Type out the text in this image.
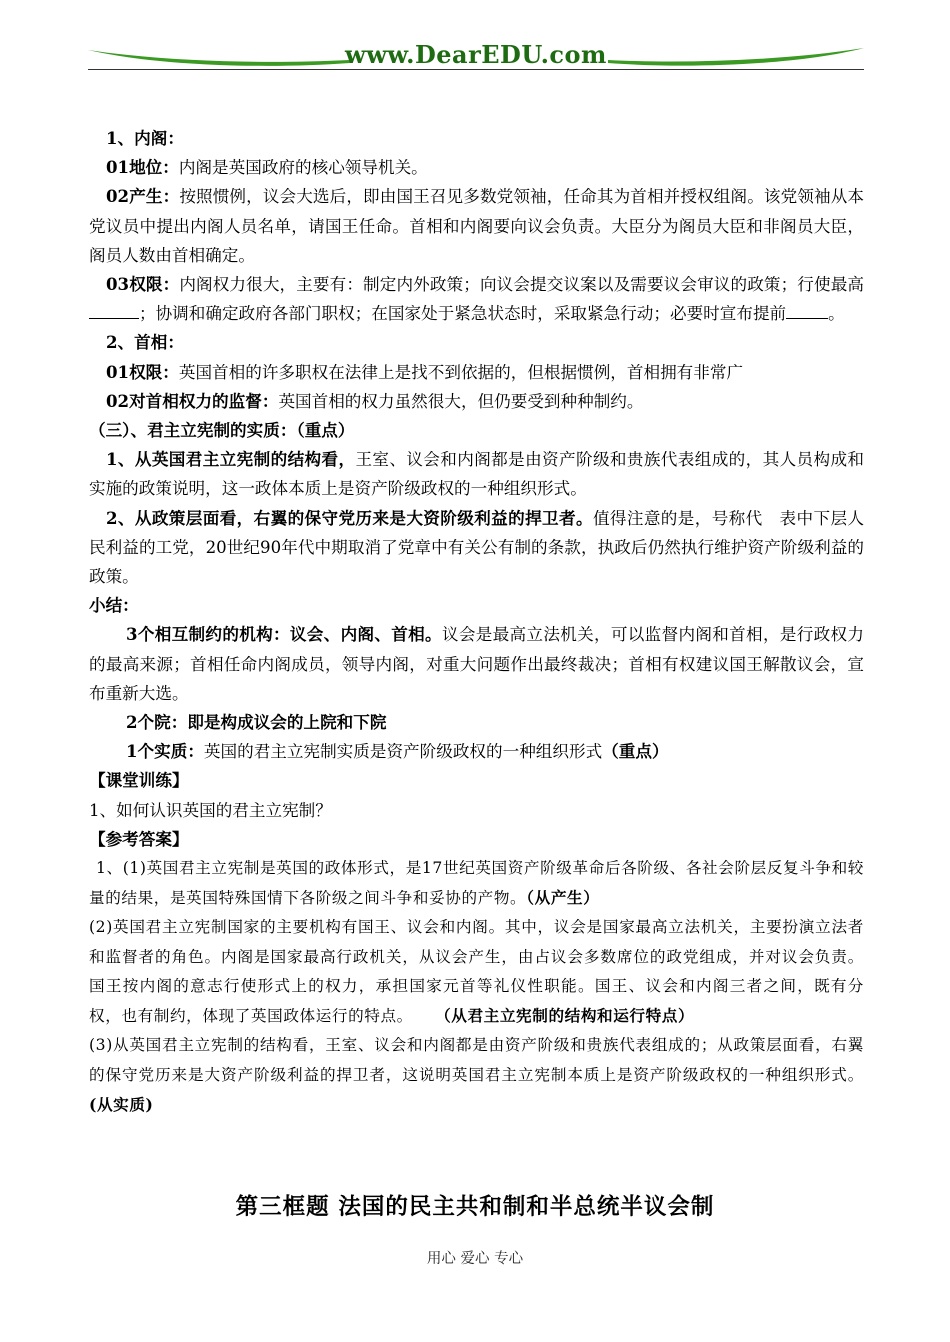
www.DearEDU.com

1、内阁：

01地位：内阁是英国政府的核心领导机关。

02产生：按照惯例，议会大选后，即由国王召见多数党领袖，任命其为首相并授权组阁。该党领袖从本党议员中提出内阁人员名单，请国王任命。首相和内阁要向议会负责。大臣分为阁员大臣和非阁员大臣，阁员人数由首相确定。

03权限：内阁权力很大，主要有：制定内外政策；向议会提交议案以及需要议会审议的政策；行使最高；协调和确定政府各部门职权；在国家处于紧急状态时，采取紧急行动；必要时宣布提前	。

2、首相：

01权限：英国首相的许多职权在法律上是找不到依据的，但根据惯例，首相拥有非常广

02对首相权力的监督：英国首相的权力虽然很大，但仍要受到种种制约。

（三）、君主立宪制的实质：（重点）

1、从英国君主立宪制的结构看，王室、议会和内阁都是由资产阶级和贵族代表组成的，其人员构成和实施的政策说明，这一政体本质上是资产阶级政权的一种组织形式。

2、从政策层面看，右翼的保守党历来是大资阶级利益的捍卫者。值得注意的是，号称代　表中下层人民利益的工党，20世纪90年代中期取消了党章中有关公有制的条款，执政后仍然执行维护资产阶级利益的政策。

小结：

3个相互制约的机构：议会、内阁、首相。议会是最高立法机关，可以监督内阁和首相，是行政权力的最高来源；首相任命内阁成员，领导内阁，对重大问题作出最终裁决；首相有权建议国王解散议会，宣布重新大选。

2个院：即是构成议会的上院和下院

1个实质：英国的君主立宪制实质是资产阶级政权的一种组织形式（重点）

【课堂训练】

1、如何认识英国的君主立宪制？

【参考答案】

1、(1)英国君主立宪制是英国的政体形式，是17世纪英国资产阶级革命后各阶级、各社会阶层反复斗争和较量的结果，是英国特殊国情下各阶级之间斗争和妥协的产物。（从产生）

(2)英国君主立宪制国家的主要机构有国王、议会和内阁。其中，议会是国家最高立法机关，主要扮演立法者和监督者的角色。内阁是国家最高行政机关，从议会产生，由占议会多数席位的政党组成，并对议会负责。国王按内阁的意志行使形式上的权力，承担国家元首等礼仪性职能。国王、议会和内阁三者之间，既有分权，也有制约，体现了英国政体运行的特点。 （从君主立宪制的结构和运行特点）

(3)从英国君主立宪制的结构看，王室、议会和内阁都是由资产阶级和贵族代表组成的；从政策层面看，右翼的保守党历来是大资产阶级利益的捍卫者，这说明英国君主立宪制本质上是资产阶级政权的一种组织形式。(从实质)

第三框题 法国的民主共和制和半总统半议会制
用心 爱心 专心
